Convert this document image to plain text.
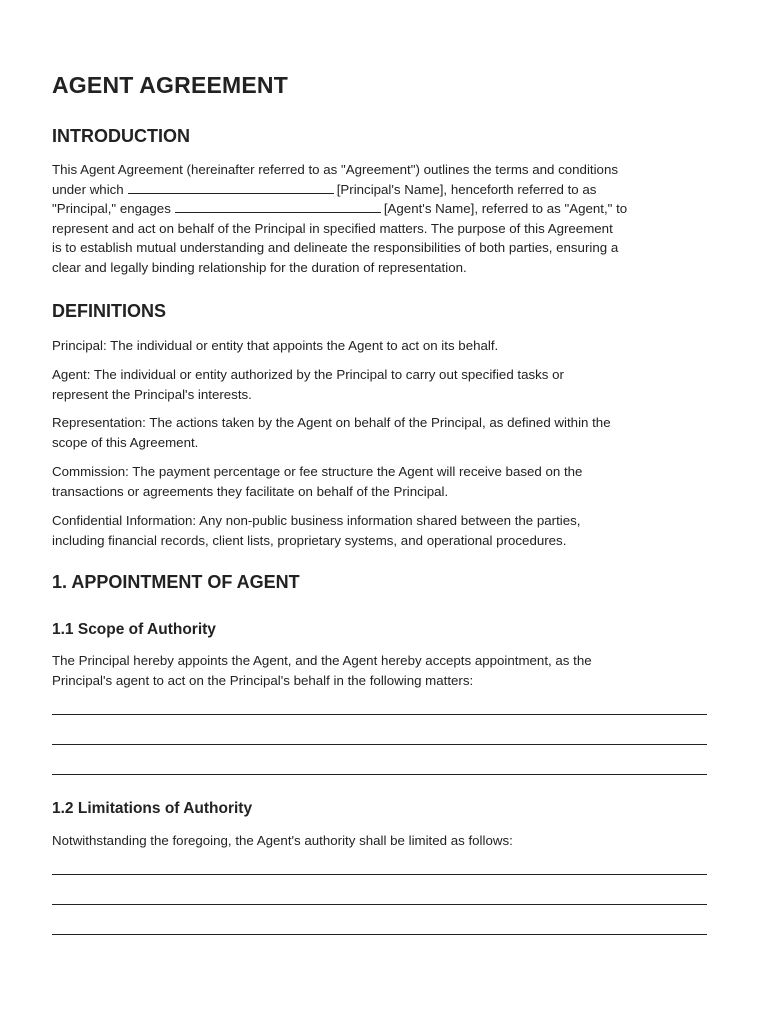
AGENT AGREEMENT
INTRODUCTION

This Agent Agreement (hereinafter referred to as "Agreement") outlines the terms and conditions

under which	[Principal's Name], henceforth referred to as

"Principal," engages	[Agent's Name], referred to as "Agent," to

represent and act on behalf of the Principal in specified matters. The purpose of this Agreement

is to establish mutual understanding and delineate the responsibilities of both parties, ensuring a

clear and legally binding relationship for the duration of representation.

DEFINITIONS

Principal: The individual or entity that appoints the Agent to act on its behalf.

Agent: The individual or entity authorized by the Principal to carry out specified tasks or

represent the Principal's interests.

Representation: The actions taken by the Agent on behalf of the Principal, as defined within the

scope of this Agreement.

Commission: The payment percentage or fee structure the Agent will receive based on the

transactions or agreements they facilitate on behalf of the Principal.

Confidential Information: Any non-public business information shared between the parties,

including financial records, client lists, proprietary systems, and operational procedures.

1. APPOINTMENT OF AGENT
1.1 Scope of Authority

The Principal hereby appoints the Agent, and the Agent hereby accepts appointment, as the

Principal's agent to act on the Principal's behalf in the following matters:

1.2 Limitations of Authority

Notwithstanding the foregoing, the Agent's authority shall be limited as follows:
